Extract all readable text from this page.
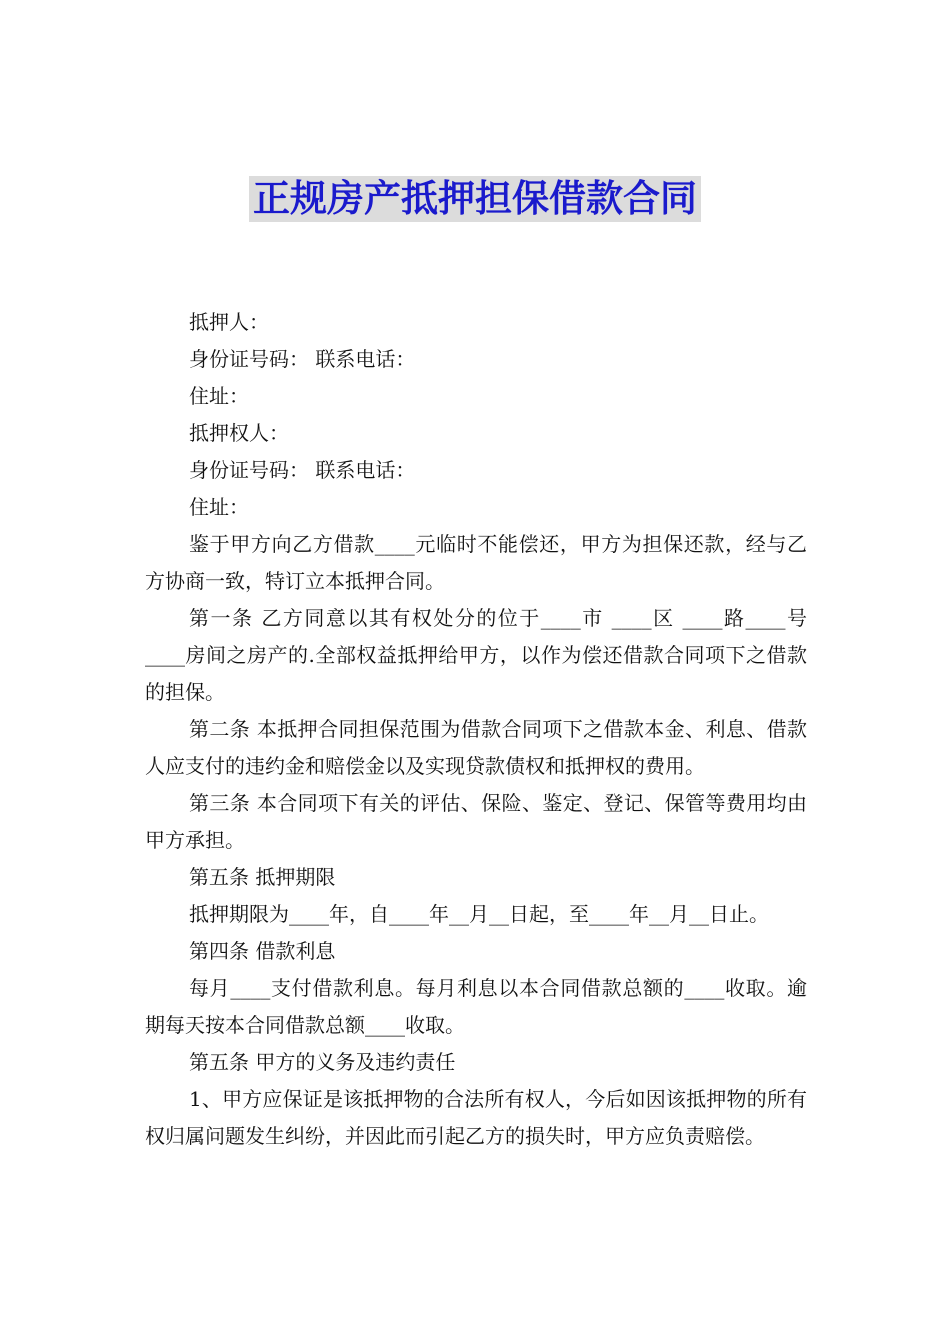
正规房产抵押担保借款合同

抵押人：

身份证号码： 联系电话：

住址：

抵押权人：

身份证号码： 联系电话：

住址：

鉴于甲方向乙方借款____元临时不能偿还，甲方为担保还款，经与乙方协商一致，特订立本抵押合同。

第一条 乙方同意以其有权处分的位于____市 ____区 ____路____号____房间之房产的.全部权益抵押给甲方，以作为偿还借款合同项下之借款的担保。

第二条 本抵押合同担保范围为借款合同项下之借款本金、利息、借款人应支付的违约金和赔偿金以及实现贷款债权和抵押权的费用。

第三条 本合同项下有关的评估、保险、鉴定、登记、保管等费用均由甲方承担。

第五条 抵押期限

抵押期限为____年，自____年__月__日起，至____年__月__日止。

第四条 借款利息

每月____支付借款利息。每月利息以本合同借款总额的____收取。逾期每天按本合同借款总额____收取。

第五条 甲方的义务及违约责任

1、甲方应保证是该抵押物的合法所有权人，今后如因该抵押物的所有权归属问题发生纠纷，并因此而引起乙方的损失时，甲方应负责赔偿。
